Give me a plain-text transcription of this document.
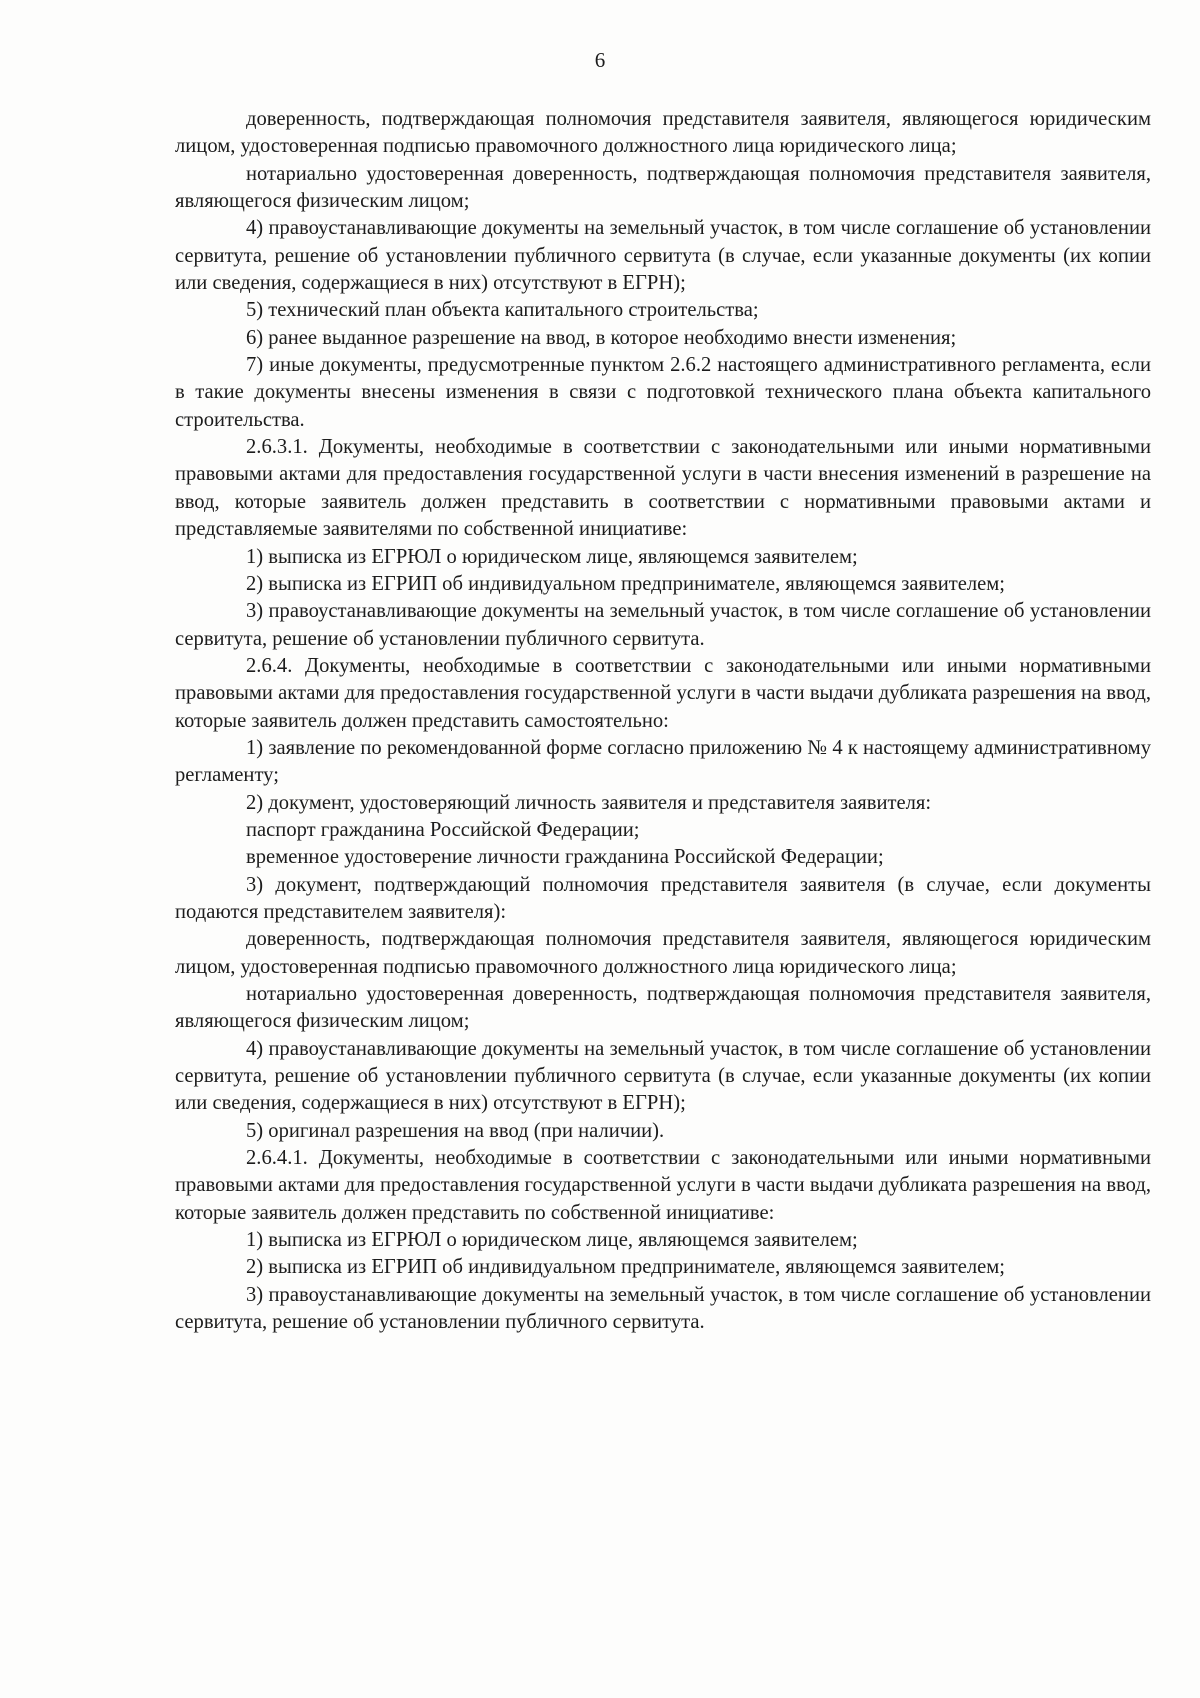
6

доверенность, подтверждающая полномочия представителя заявителя, являющегося юридическим лицом, удостоверенная подписью правомочного должностного лица юридического лица;

нотариально удостоверенная доверенность, подтверждающая полномочия представителя заявителя, являющегося физическим лицом;

4) правоустанавливающие документы на земельный участок, в том числе соглашение об установлении сервитута, решение об установлении публичного сервитута (в случае, если указанные документы (их копии или сведения, содержащиеся в них) отсутствуют в ЕГРН);

5) технический план объекта капитального строительства;

6) ранее выданное разрешение на ввод, в которое необходимо внести изменения;

7) иные документы, предусмотренные пунктом 2.6.2 настоящего административного регламента, если в такие документы внесены изменения в связи с подготовкой технического плана объекта капитального строительства.

2.6.3.1. Документы, необходимые в соответствии с законодательными или иными нормативными правовыми актами для предоставления государственной услуги в части внесения изменений в разрешение на ввод, которые заявитель должен представить в соответствии с нормативными правовыми актами и представляемые заявителями по собственной инициативе:

1) выписка из ЕГРЮЛ о юридическом лице, являющемся заявителем;

2) выписка из ЕГРИП об индивидуальном предпринимателе, являющемся заявителем;

3) правоустанавливающие документы на земельный участок, в том числе соглашение об установлении сервитута, решение об установлении публичного сервитута.

2.6.4. Документы, необходимые в соответствии с законодательными или иными нормативными правовыми актами для предоставления государственной услуги в части выдачи дубликата разрешения на ввод, которые заявитель должен представить самостоятельно:

1) заявление по рекомендованной форме согласно приложению № 4 к настоящему административному регламенту;

2) документ, удостоверяющий личность заявителя и представителя заявителя:

паспорт гражданина Российской Федерации;

временное удостоверение личности гражданина Российской Федерации;

3) документ, подтверждающий полномочия представителя заявителя (в случае, если документы подаются представителем заявителя):

доверенность, подтверждающая полномочия представителя заявителя, являющегося юридическим лицом, удостоверенная подписью правомочного должностного лица юридического лица;

нотариально удостоверенная доверенность, подтверждающая полномочия представителя заявителя, являющегося физическим лицом;

4) правоустанавливающие документы на земельный участок, в том числе соглашение об установлении сервитута, решение об установлении публичного сервитута (в случае, если указанные документы (их копии или сведения, содержащиеся в них) отсутствуют в ЕГРН);

5) оригинал разрешения на ввод (при наличии).

2.6.4.1. Документы, необходимые в соответствии с законодательными или иными нормативными правовыми актами для предоставления государственной услуги в части выдачи дубликата разрешения на ввод, которые заявитель должен представить по собственной инициативе:

1) выписка из ЕГРЮЛ о юридическом лице, являющемся заявителем;

2) выписка из ЕГРИП об индивидуальном предпринимателе, являющемся заявителем;

3) правоустанавливающие документы на земельный участок, в том числе соглашение об установлении сервитута, решение об установлении публичного сервитута.
